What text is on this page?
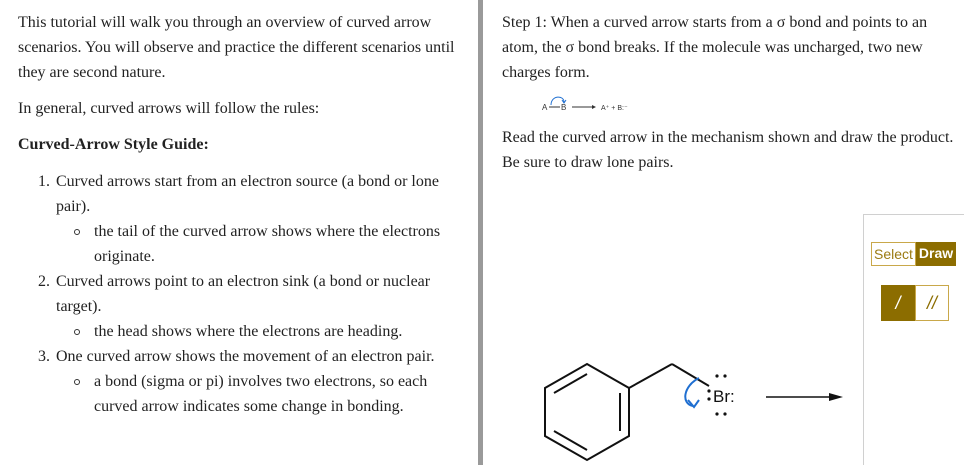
This tutorial will walk you through an overview of curved arrow scenarios. You will observe and practice the different scenarios until they are second nature.

In general, curved arrows will follow the rules:

Curved-Arrow Style Guide:

1. Curved arrows start from an electron source (a bond or lone pair).
the tail of the curved arrow shows where the electrons originate.
2. Curved arrows point to an electron sink (a bond or nuclear target).
the head shows where the electrons are heading.
3. One curved arrow shows the movement of an electron pair.
a bond (sigma or pi) involves two electrons, so each curved arrow indicates some change in bonding.

Step 1: When a curved arrow starts from a σ bond and points to an atom, the σ bond breaks. If the molecule was uncharged, two new charges form.

A B	A⁺ + B:⁻

Read the curved arrow in the mechanism shown and draw the product. Be sure to draw lone pairs.

Select Draw
/	//
Br:
